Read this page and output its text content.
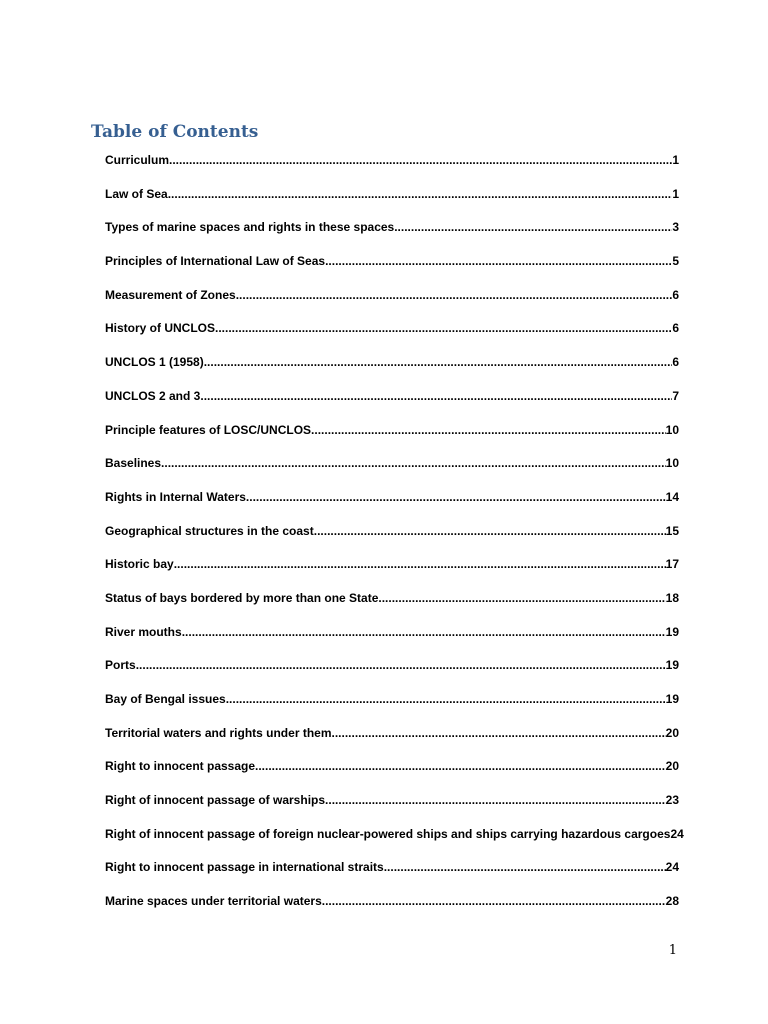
Table of Contents
Curriculum .....	1
Law of Sea .....	1
Types of marine spaces and rights in these spaces .....	3
Principles of International Law of Seas .....	5
Measurement of Zones .....	6
History of UNCLOS .....	6
UNCLOS 1 (1958) .....	6
UNCLOS 2 and 3 .....	7
Principle features of LOSC/UNCLOS .....	10
Baselines .....	10
Rights in Internal Waters .....	14
Geographical structures in the coast .....	15
Historic bay .....	17
Status of bays bordered by more than one State .....	18
River mouths .....	19
Ports .....	19
Bay of Bengal issues .....	19
Territorial waters and rights under them .....	20
Right to innocent passage .....	20
Right of innocent passage of warships .....	23
Right of innocent passage of foreign nuclear-powered ships and ships carrying hazardous cargoes 24
Right to innocent passage in international straits .....	24
Marine spaces under territorial waters .....	28
1
